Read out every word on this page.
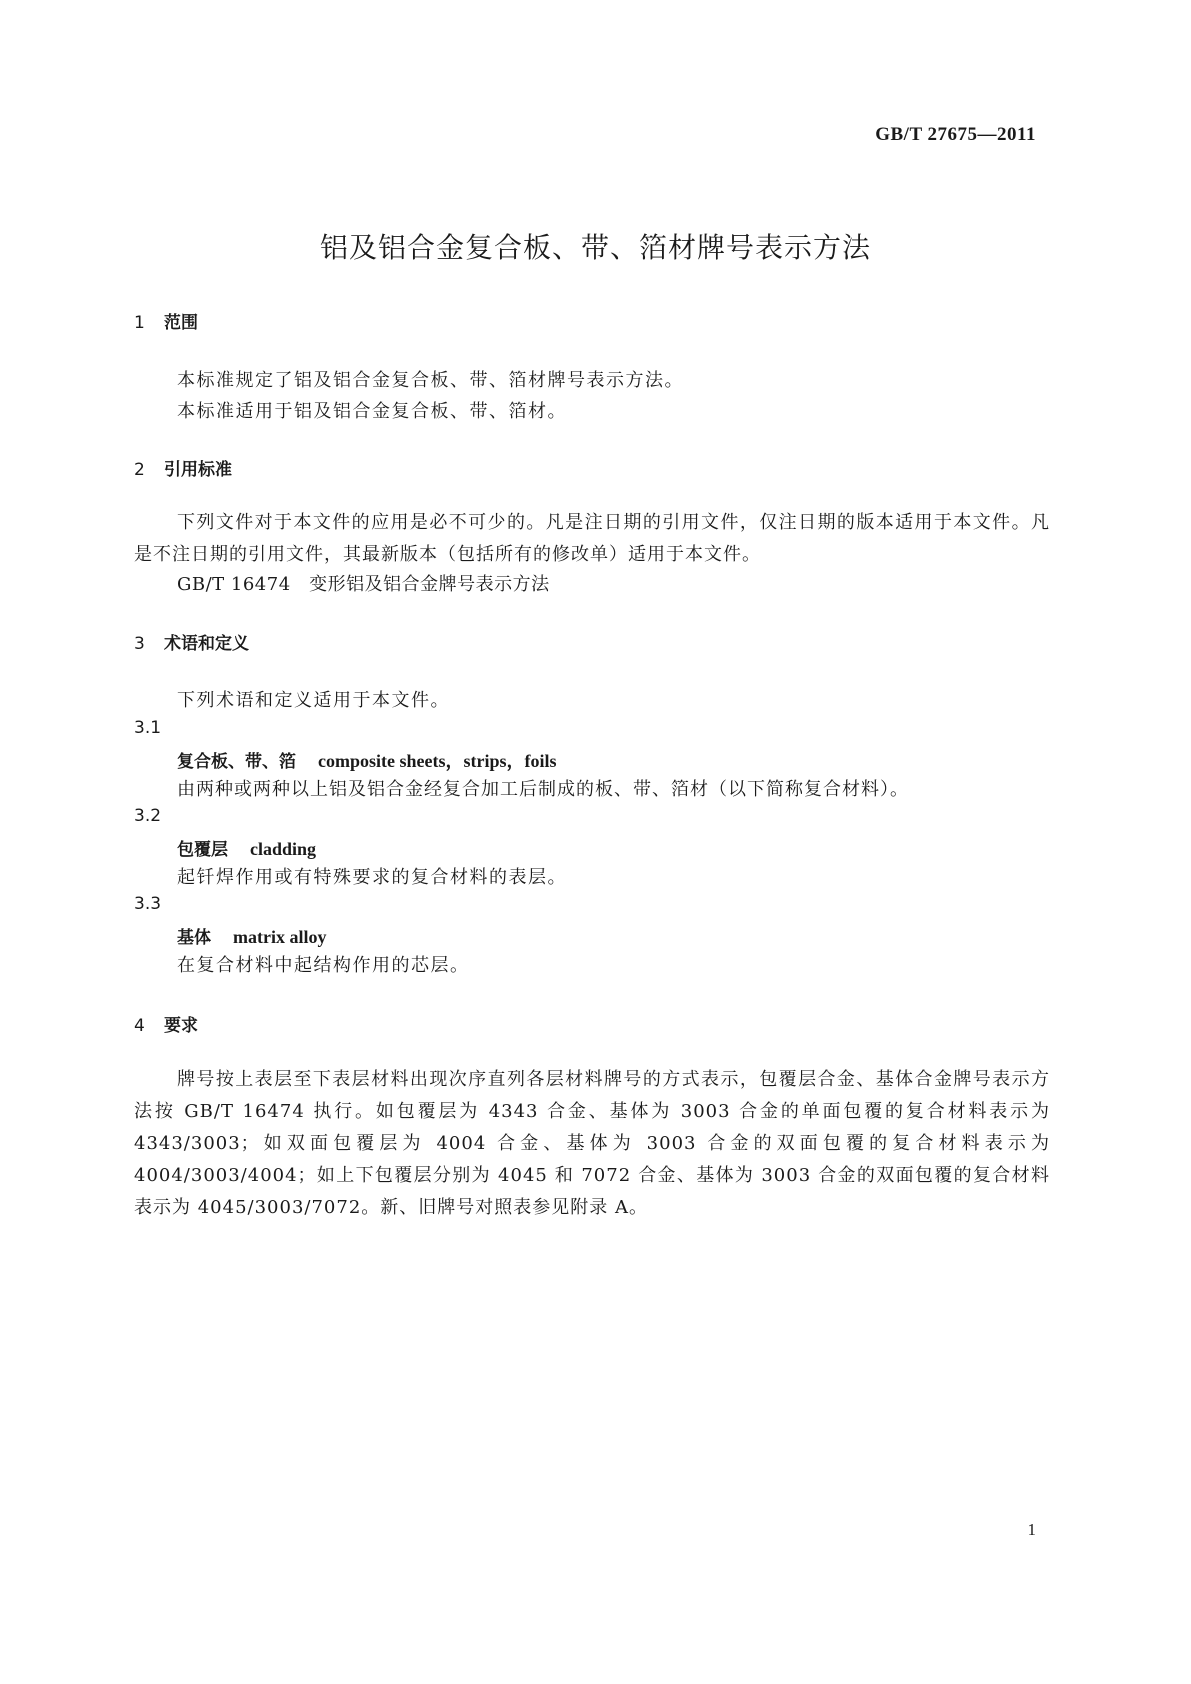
GB/T 27675—2011
铝及铝合金复合板、带、箔材牌号表示方法
1 范围
本标准规定了铝及铝合金复合板、带、箔材牌号表示方法。
本标准适用于铝及铝合金复合板、带、箔材。
2 引用标准
下列文件对于本文件的应用是必不可少的。凡是注日期的引用文件，仅注日期的版本适用于本文件。凡是不注日期的引用文件，其最新版本（包括所有的修改单）适用于本文件。
GB/T 16474　变形铝及铝合金牌号表示方法
3 术语和定义
下列术语和定义适用于本文件。
3.1
复合板、带、箔 composite sheets，strips，foils
由两种或两种以上铝及铝合金经复合加工后制成的板、带、箔材（以下简称复合材料）。
3.2
包覆层 cladding
起钎焊作用或有特殊要求的复合材料的表层。
3.3
基体 matrix alloy
在复合材料中起结构作用的芯层。
4 要求
牌号按上表层至下表层材料出现次序直列各层材料牌号的方式表示，包覆层合金、基体合金牌号表示方法按 GB/T 16474 执行。如包覆层为 4343 合金、基体为 3003 合金的单面包覆的复合材料表示为 4343/3003；如双面包覆层为 4004 合金、基体为 3003 合金的双面包覆的复合材料表示为 4004/3003/4004；如上下包覆层分别为 4045 和 7072 合金、基体为 3003 合金的双面包覆的复合材料表示为 4045/3003/7072。新、旧牌号对照表参见附录 A。
1
